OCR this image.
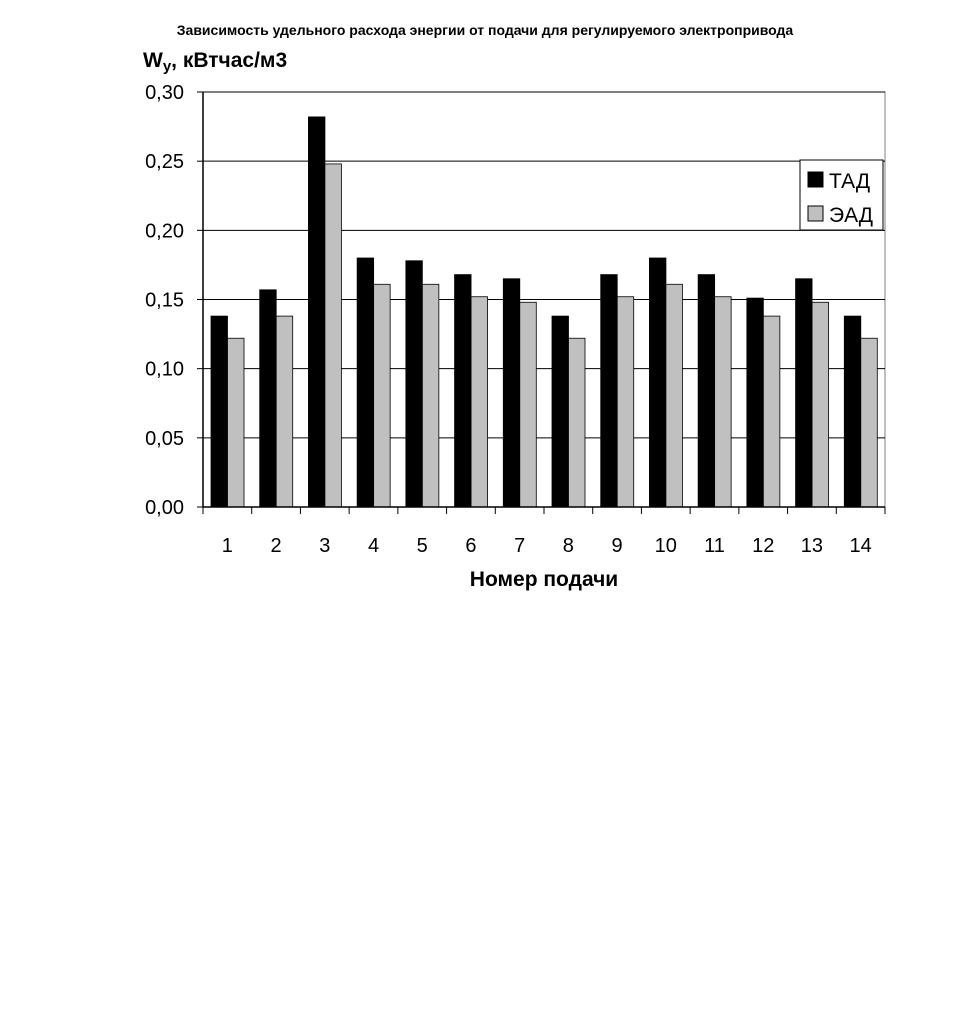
Зависимость удельного расхода энергии от подачи для регулируемого электропривода
Wу, кВтчас/м3
0,00
0,05
0,10
0,15
0,20
0,25
0,30
1 2 3 4 5 6 7 8 9 10 11 12 13 14
Номер подачи
ТАД
ЭАД
